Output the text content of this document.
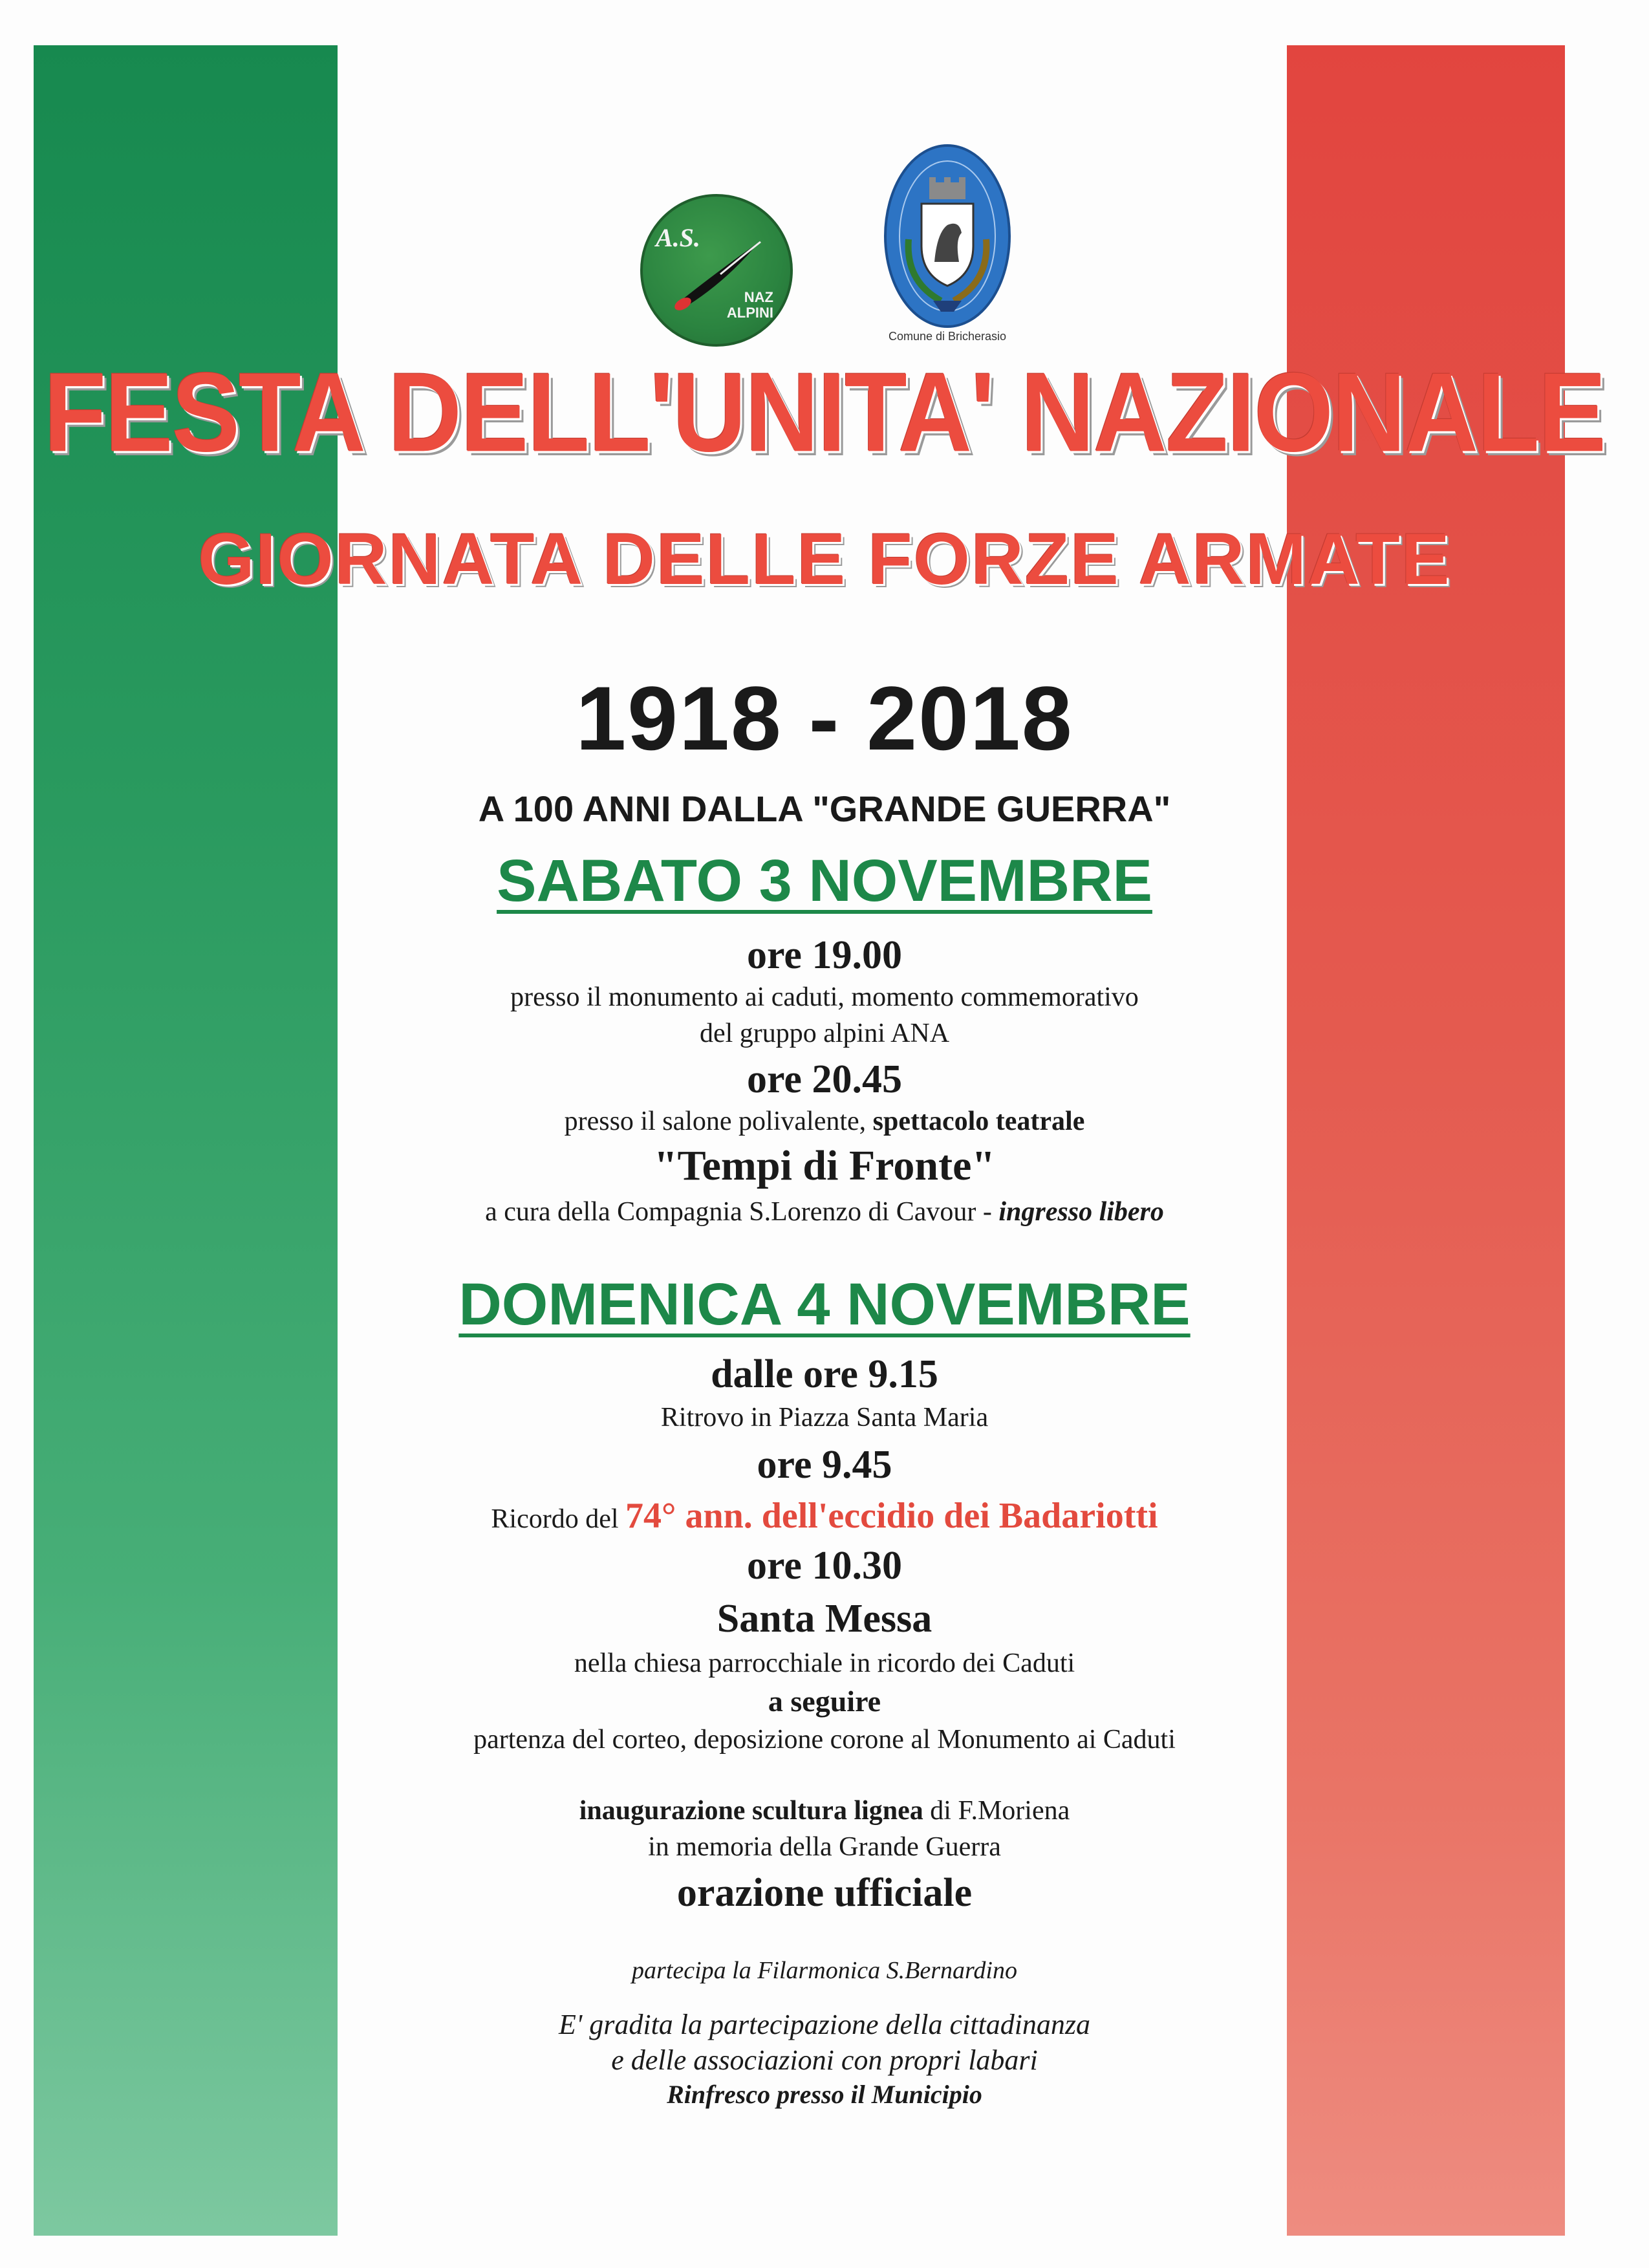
A.S.
NAZ
ALPINI
Comune di Bricherasio
FESTA DELL'UNITA' NAZIONALE
GIORNATA DELLE FORZE ARMATE
1918 - 2018
A 100 ANNI DALLA "GRANDE GUERRA"
SABATO 3 NOVEMBRE
ore 19.00
presso il monumento ai caduti, momento commemorativo
del gruppo alpini ANA
ore 20.45
presso il salone polivalente, spettacolo teatrale
"Tempi di Fronte"
a cura della Compagnia S.Lorenzo di Cavour - ingresso libero
DOMENICA 4 NOVEMBRE
dalle ore 9.15
Ritrovo in Piazza Santa Maria
ore 9.45
Ricordo del 74° ann. dell'eccidio dei Badariotti
ore 10.30
Santa Messa
nella chiesa parrocchiale in ricordo dei Caduti
a seguire
partenza del corteo, deposizione corone al Monumento ai Caduti
inaugurazione scultura lignea di F.Moriena
in memoria della Grande Guerra
orazione ufficiale
partecipa la Filarmonica S.Bernardino
E' gradita la partecipazione della cittadinanza
e delle associazioni con propri labari
Rinfresco presso il Municipio
